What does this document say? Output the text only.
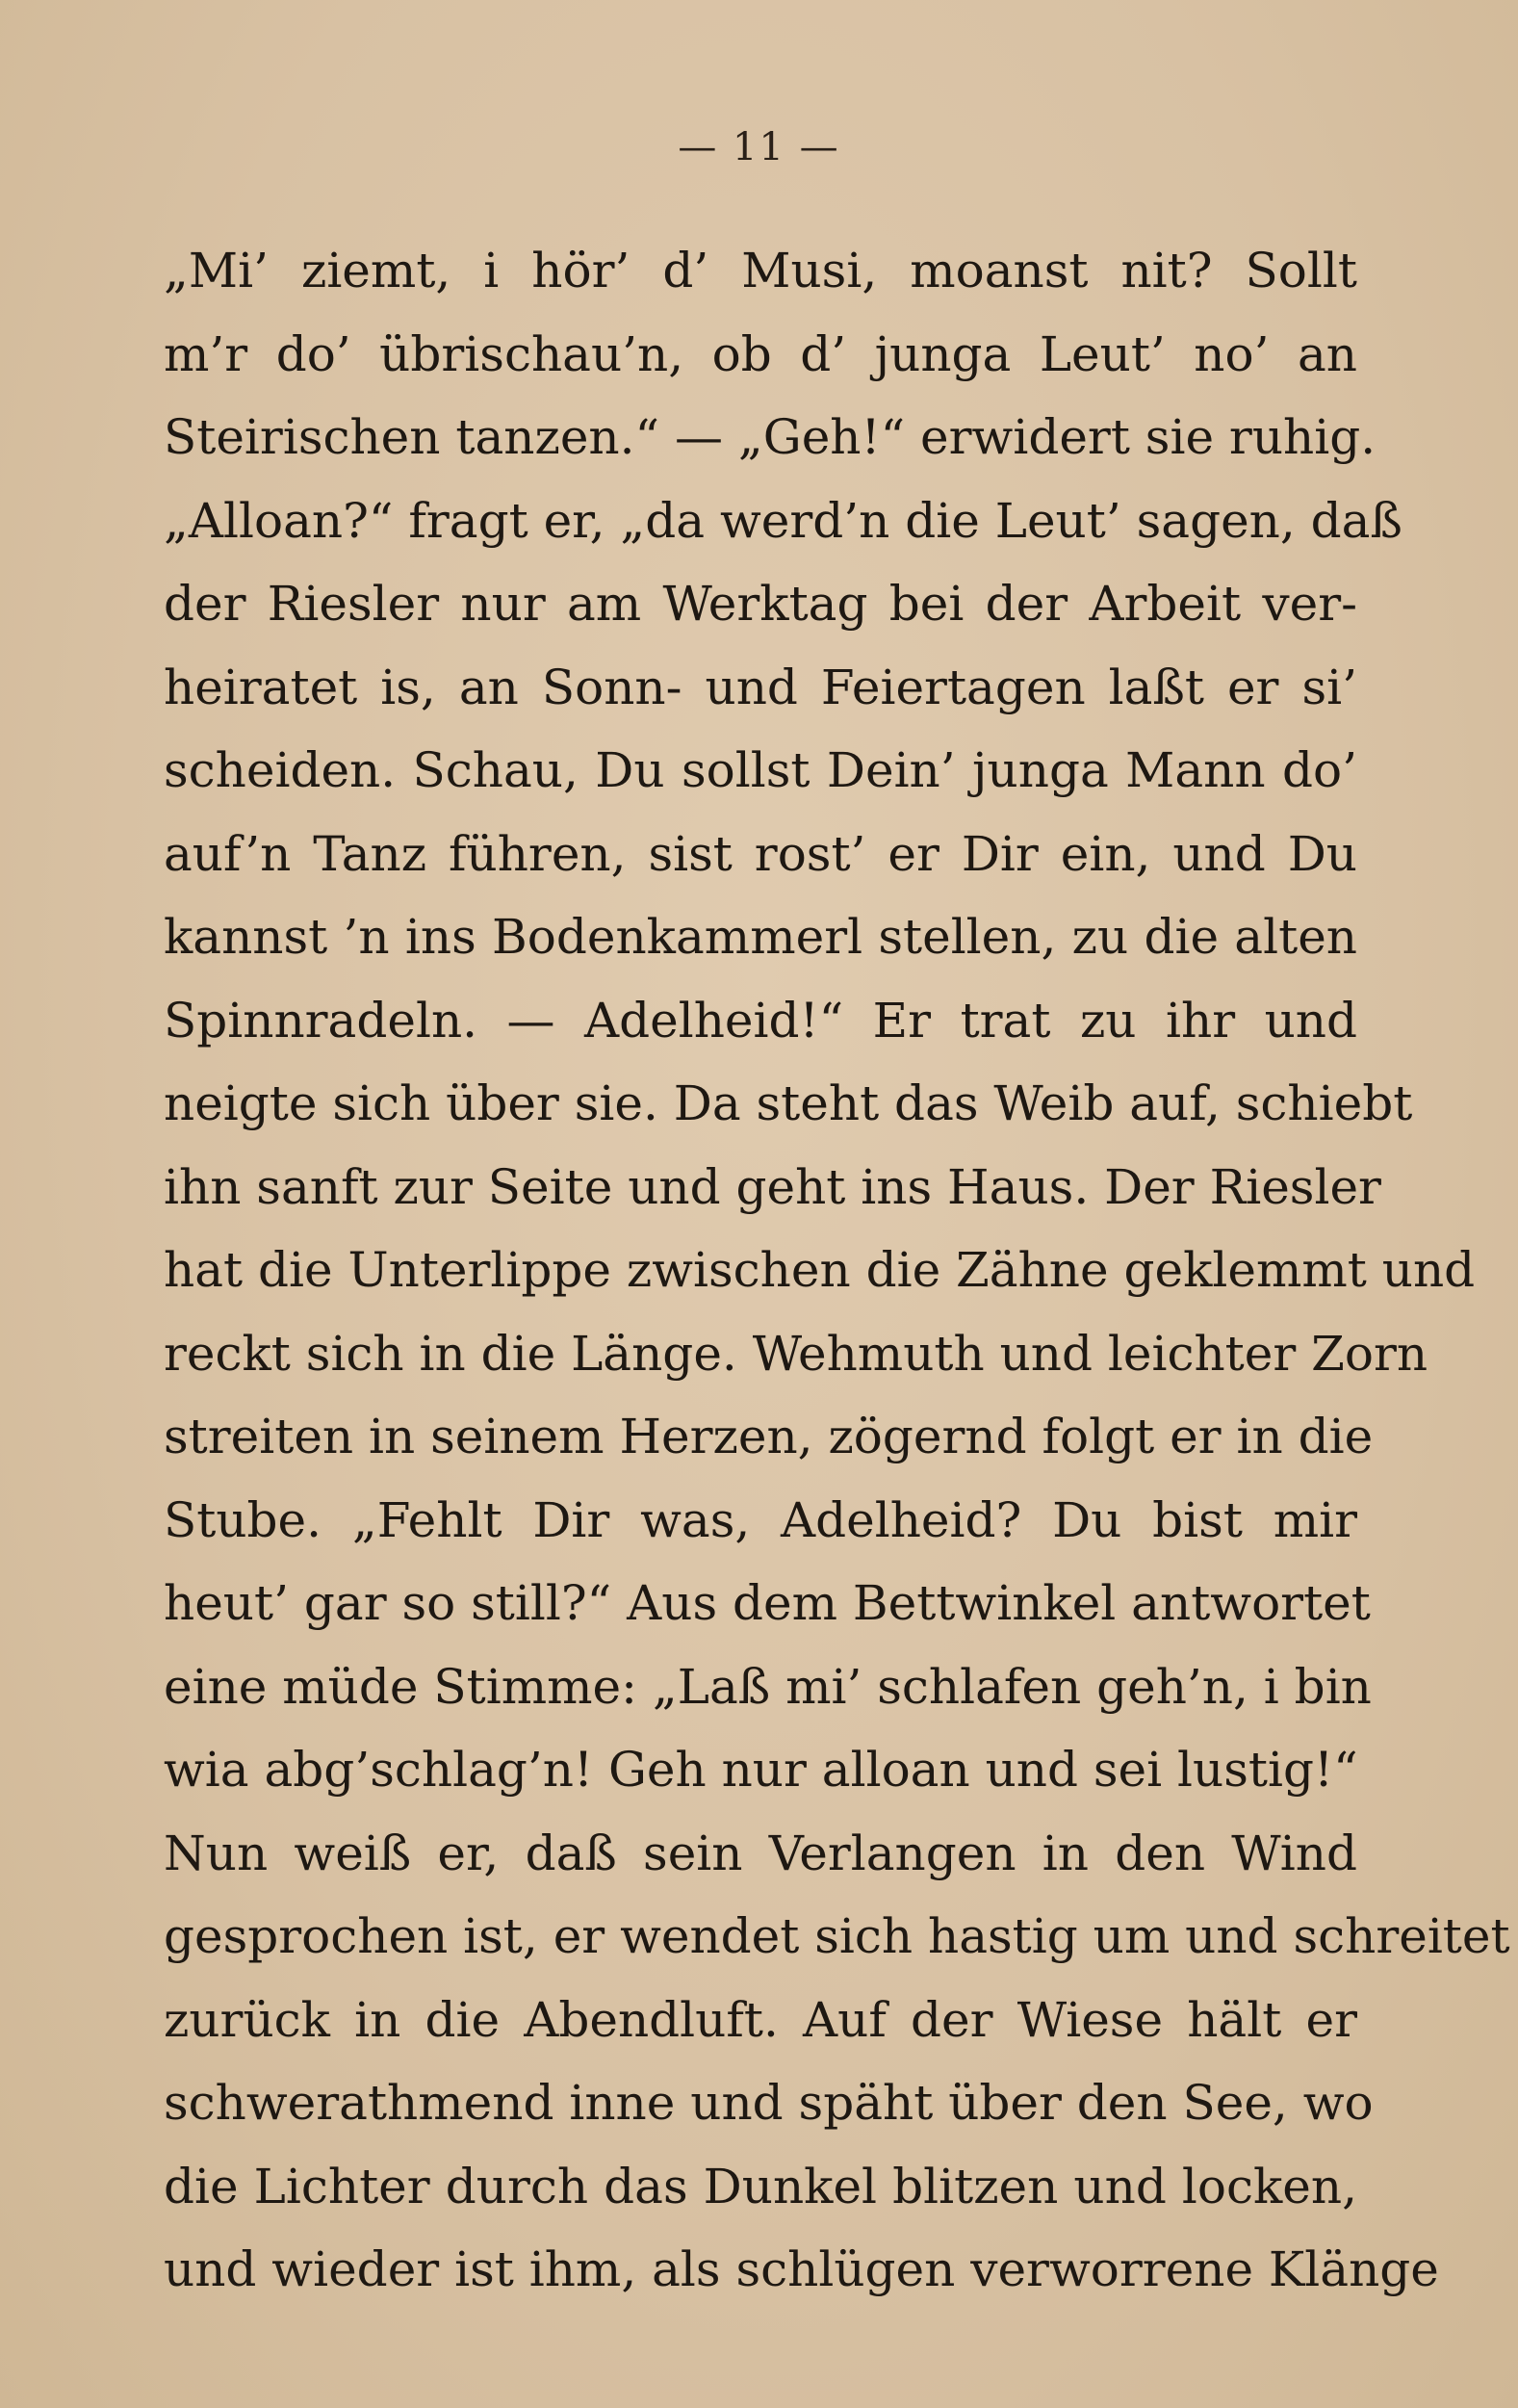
— 11 —
„Mi’ ziemt, i hör’ d’ Musi, moanst nit? Sollt
m’r do’ übrischau’n, ob d’ junga Leut’ no’ an
Steirischen tanzen.“ — „Geh!“ erwidert sie ruhig.
„Alloan?“ fragt er, „da werd’n die Leut’ sagen, daß
der Riesler nur am Werktag bei der Arbeit ver-
heiratet is, an Sonn- und Feiertagen laßt er si’
scheiden. Schau, Du sollst Dein’ junga Mann do’
auf’n Tanz führen, sist rost’ er Dir ein, und Du
kannst ’n ins Bodenkammerl stellen, zu die alten
Spinnradeln. — Adelheid!“ Er trat zu ihr und
neigte sich über sie. Da steht das Weib auf, schiebt
ihn sanft zur Seite und geht ins Haus. Der Riesler
hat die Unterlippe zwischen die Zähne geklemmt und
reckt sich in die Länge. Wehmuth und leichter Zorn
streiten in seinem Herzen, zögernd folgt er in die
Stube. „Fehlt Dir was, Adelheid? Du bist mir
heut’ gar so still?“ Aus dem Bettwinkel antwortet
eine müde Stimme: „Laß mi’ schlafen geh’n, i bin
wia abg’schlag’n! Geh nur alloan und sei lustig!“
Nun weiß er, daß sein Verlangen in den Wind
gesprochen ist, er wendet sich hastig um und schreitet
zurück in die Abendluft. Auf der Wiese hält er
schwerathmend inne und späht über den See, wo
die Lichter durch das Dunkel blitzen und locken,
und wieder ist ihm, als schlügen verworrene Klänge
